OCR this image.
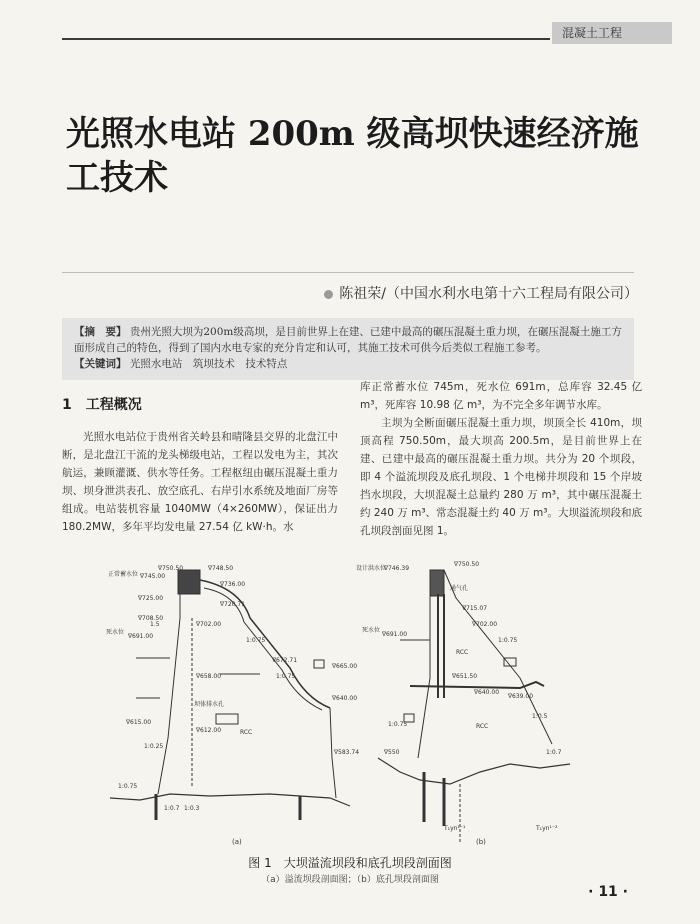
混凝土工程
光照水电站 200m 级高坝快速经济施工技术
陈祖荣/（中国水利水电第十六工程局有限公司）

【摘　要】 贵州光照大坝为200m级高坝，是目前世界上在建、已建中最高的碾压混凝土重力坝，在碾压混凝土施工方面形成自己的特色，得到了国内水电专家的充分肯定和认可，其施工技术可供今后类似工程施工参考。

【关键词】 光照水电站　筑坝技术　技术特点

1　工程概况

光照水电站位于贵州省关岭县和晴隆县交界的北盘江中断，是北盘江干流的龙头梯级电站，工程以发电为主，其次航运，兼顾灌溉、供水等任务。工程枢纽由碾压混凝土重力坝、坝身泄洪表孔、放空底孔、右岸引水系统及地面厂房等组成。电站装机容量 1040MW（4×260MW），保证出力 180.2MW，多年平均发电量 27.54 亿 kW·h。水

库正常蓄水位 745m，死水位 691m，总库容 32.45 亿 m³，死库容 10.98 亿 m³，为不完全多年调节水库。

主坝为全断面碾压混凝土重力坝，坝顶全长 410m，坝顶高程 750.50m，最大坝高 200.5m，是目前世界上在建、已建中最高的碾压混凝土重力坝。共分为 20 个坝段，即 4 个溢流坝段及底孔坝段、1 个电梯井坝段和 15 个岸坡挡水坝段，大坝混凝土总量约 280 万 m³，其中碾压混凝土约 240 万 m³、常态混凝土约 40 万 m³。大坝溢流坝段和底孔坝段剖面见图 1。

正常蓄水位
∇750.50
∇745.00
∇748.50
∇736.00
∇725.00
∇720.71
∇708.50
∇702.00
死水位
∇691.00
∇672.71
∇665.00
∇658.00
∇640.00
坝体排水孔
∇615.00
∇612.00	RCC
∇583.74
1:0.75
1:0.25
1:0.75
1:0.3
1:0.7
1:0.75
1.5
(a)
设计洪水位
∇746.39
∇750.50
通气孔
∇715.07
∇702.00
死水位
∇691.00
RCC
∇651.50
∇640.00
∇639.00
RCC
∇550
T₁yn¹⁻¹	T₁yn¹⁻²
1:0.75
1:0.75
1:0.5
1:0.7
(b)
图 1　大坝溢流坝段和底孔坝段剖面图
（a）溢流坝段剖面图；（b）底孔坝段剖面图
· 11 ·
